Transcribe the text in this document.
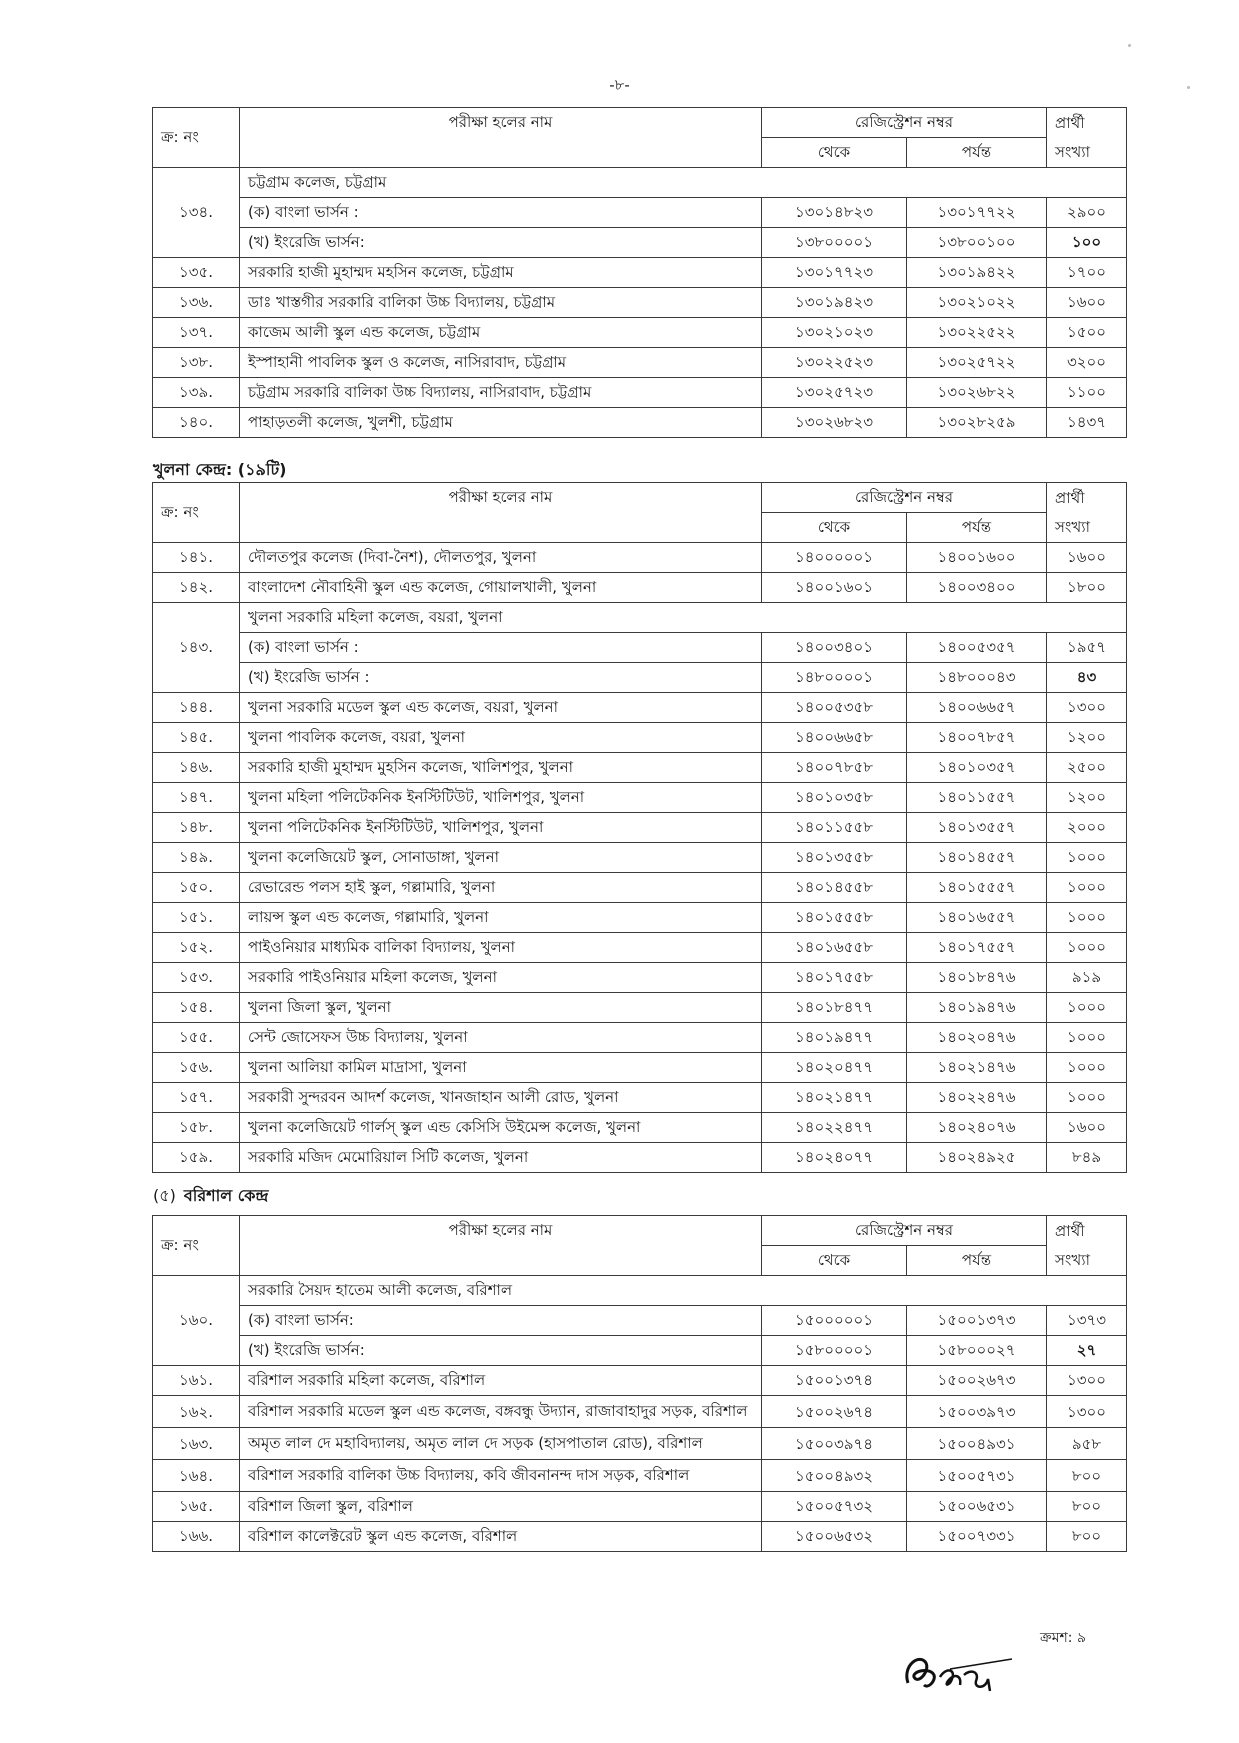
-৮-
ক্র: নং	পরীক্ষা হলের নাম	রেজিস্ট্রেশন নম্বর		প্রার্থী সংখ্যা
		থেকে	পর্যন্ত	
১৩৪.	চট্টগ্রাম কলেজ, চট্টগ্রাম			
	(ক) বাংলা ভার্সন :	১৩০১৪৮২৩	১৩০১৭৭২২	২৯০০
	(খ) ইংরেজি ভার্সন:	১৩৮০০০০১	১৩৮০০১০০	১০০
১৩৫.	সরকারি হাজী মুহাম্মদ মহসিন কলেজ, চট্টগ্রাম	১৩০১৭৭২৩	১৩০১৯৪২২	১৭০০
১৩৬.	ডাঃ খাস্তগীর সরকারি বালিকা উচ্চ বিদ্যালয়, চট্টগ্রাম	১৩০১৯৪২৩	১৩০২১০২২	১৬০০
১৩৭.	কাজেম আলী স্কুল এন্ড কলেজ, চট্টগ্রাম	১৩০২১০২৩	১৩০২২৫২২	১৫০০
১৩৮.	ইস্পাহানী পাবলিক স্কুল ও কলেজ, নাসিরাবাদ, চট্টগ্রাম	১৩০২২৫২৩	১৩০২৫৭২২	৩২০০
১৩৯.	চট্টগ্রাম সরকারি বালিকা উচ্চ বিদ্যালয়, নাসিরাবাদ, চট্টগ্রাম	১৩০২৫৭২৩	১৩০২৬৮২২	১১০০
১৪০.	পাহাড়তলী কলেজ, খুলশী, চট্টগ্রাম	১৩০২৬৮২৩	১৩০২৮২৫৯	১৪৩৭
খুলনা কেন্দ্র: (১৯টি)
ক্র: নং	পরীক্ষা হলের নাম	রেজিস্ট্রেশন নম্বর		প্রার্থী সংখ্যা
		থেকে	পর্যন্ত	
১৪১.	দৌলতপুর কলেজ (দিবা-নৈশ), দৌলতপুর, খুলনা	১৪০০০০০১	১৪০০১৬০০	১৬০০
১৪২.	বাংলাদেশ নৌবাহিনী স্কুল এন্ড কলেজ, গোয়ালখালী, খুলনা	১৪০০১৬০১	১৪০০৩৪০০	১৮০০
১৪৩.	খুলনা সরকারি মহিলা কলেজ, বয়রা, খুলনা			
	(ক) বাংলা ভার্সন :	১৪০০৩৪০১	১৪০০৫৩৫৭	১৯৫৭
	(খ) ইংরেজি ভার্সন :	১৪৮০০০০১	১৪৮০০০৪৩	৪৩
১৪৪.	খুলনা সরকারি মডেল স্কুল এন্ড কলেজ, বয়রা, খুলনা	১৪০০৫৩৫৮	১৪০০৬৬৫৭	১৩০০
১৪৫.	খুলনা পাবলিক কলেজ, বয়রা, খুলনা	১৪০০৬৬৫৮	১৪০০৭৮৫৭	১২০০
১৪৬.	সরকারি হাজী মুহাম্মদ মুহসিন কলেজ, খালিশপুর, খুলনা	১৪০০৭৮৫৮	১৪০১০৩৫৭	২৫০০
১৪৭.	খুলনা মহিলা পলিটেকনিক ইনস্টিটিউট, খালিশপুর, খুলনা	১৪০১০৩৫৮	১৪০১১৫৫৭	১২০০
১৪৮.	খুলনা পলিটেকনিক ইনস্টিটিউট, খালিশপুর, খুলনা	১৪০১১৫৫৮	১৪০১৩৫৫৭	২০০০
১৪৯.	খুলনা কলেজিয়েট স্কুল, সোনাডাঙ্গা, খুলনা	১৪০১৩৫৫৮	১৪০১৪৫৫৭	১০০০
১৫০.	রেভারেন্ড পলস হাই স্কুল, গল্লামারি, খুলনা	১৪০১৪৫৫৮	১৪০১৫৫৫৭	১০০০
১৫১.	লায়ন্স স্কুল এন্ড কলেজ, গল্লামারি, খুলনা	১৪০১৫৫৫৮	১৪০১৬৫৫৭	১০০০
১৫২.	পাইওনিয়ার মাধ্যমিক বালিকা বিদ্যালয়, খুলনা	১৪০১৬৫৫৮	১৪০১৭৫৫৭	১০০০
১৫৩.	সরকারি পাইওনিয়ার মহিলা কলেজ, খুলনা	১৪০১৭৫৫৮	১৪০১৮৪৭৬	৯১৯
১৫৪.	খুলনা জিলা স্কুল, খুলনা	১৪০১৮৪৭৭	১৪০১৯৪৭৬	১০০০
১৫৫.	সেন্ট জোসেফস উচ্চ বিদ্যালয়, খুলনা	১৪০১৯৪৭৭	১৪০২০৪৭৬	১০০০
১৫৬.	খুলনা আলিয়া কামিল মাদ্রাসা, খুলনা	১৪০২০৪৭৭	১৪০২১৪৭৬	১০০০
১৫৭.	সরকারী সুন্দরবন আদর্শ কলেজ, খানজাহান আলী রোড, খুলনা	১৪০২১৪৭৭	১৪০২২৪৭৬	১০০০
১৫৮.	খুলনা কলেজিয়েট গার্লস্ স্কুল এন্ড কেসিসি উইমেন্স কলেজ, খুলনা	১৪০২২৪৭৭	১৪০২৪০৭৬	১৬০০
১৫৯.	সরকারি মজিদ মেমোরিয়াল সিটি কলেজ, খুলনা	১৪০২৪০৭৭	১৪০২৪৯২৫	৮৪৯
(৫) বরিশাল কেন্দ্র
ক্র: নং	পরীক্ষা হলের নাম	রেজিস্ট্রেশন নম্বর		প্রার্থী সংখ্যা
		থেকে	পর্যন্ত	
১৬০.	সরকারি সৈয়দ হাতেম আলী কলেজ, বরিশাল			
	(ক) বাংলা ভার্সন:	১৫০০০০০১	১৫০০১৩৭৩	১৩৭৩
	(খ) ইংরেজি ভার্সন:	১৫৮০০০০১	১৫৮০০০২৭	২৭
১৬১.	বরিশাল সরকারি মহিলা কলেজ, বরিশাল	১৫০০১৩৭৪	১৫০০২৬৭৩	১৩০০
১৬২.	বরিশাল সরকারি মডেল স্কুল এন্ড কলেজ, বঙ্গবন্ধু উদ্যান, রাজাবাহাদুর সড়ক, বরিশাল	১৫০০২৬৭৪	১৫০০৩৯৭৩	১৩০০
১৬৩.	অমৃত লাল দে মহাবিদ্যালয়, অমৃত লাল দে সড়ক (হাসপাতাল রোড), বরিশাল	১৫০০৩৯৭৪	১৫০০৪৯৩১	৯৫৮
১৬৪.	বরিশাল সরকারি বালিকা উচ্চ বিদ্যালয়, কবি জীবনানন্দ দাস সড়ক, বরিশাল	১৫০০৪৯৩২	১৫০০৫৭৩১	৮০০
১৬৫.	বরিশাল জিলা স্কুল, বরিশাল	১৫০০৫৭৩২	১৫০০৬৫৩১	৮০০
১৬৬.	বরিশাল কালেক্টরেট স্কুল এন্ড কলেজ, বরিশাল	১৫০০৬৫৩২	১৫০০৭৩৩১	৮০০
ক্রমশ: ৯
